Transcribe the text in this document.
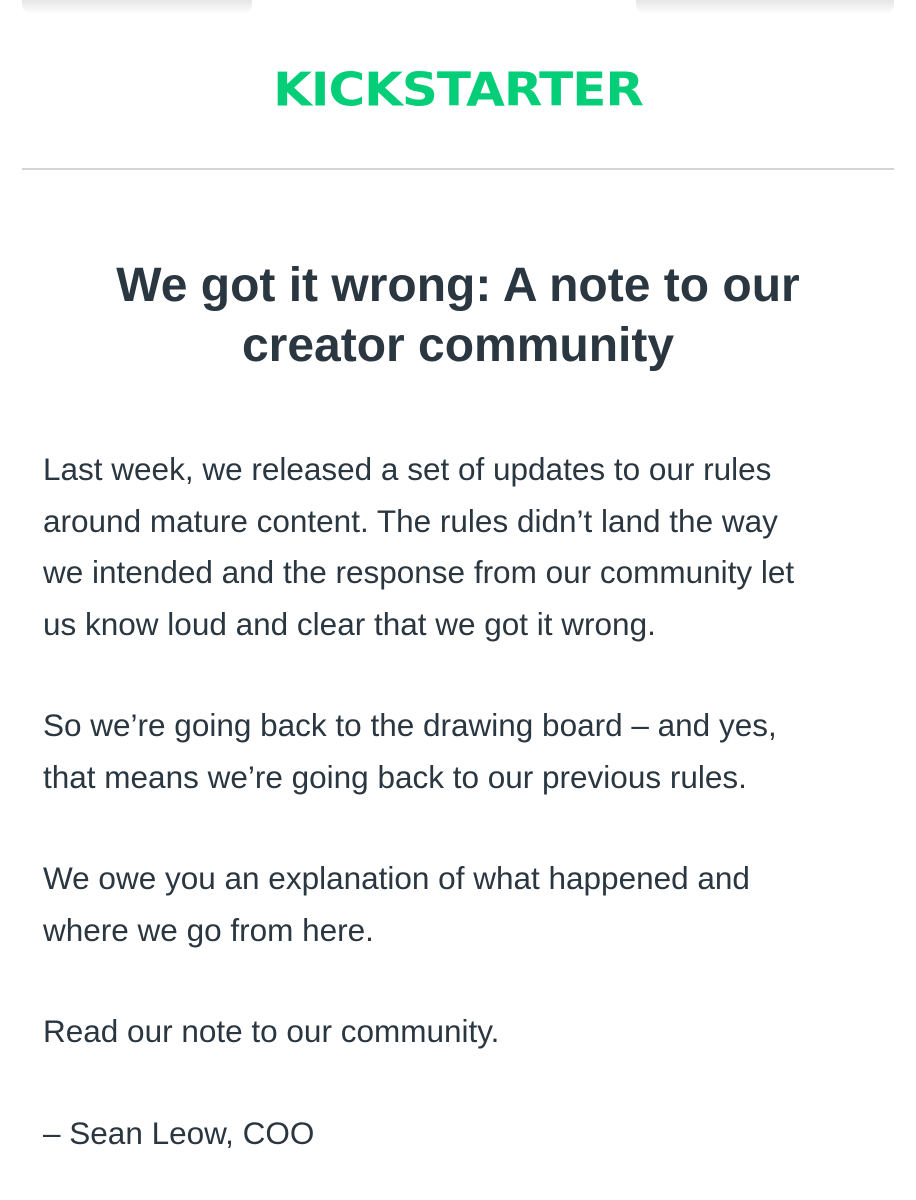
KICKSTARTER
We got it wrong: A note to our creator community

Last week, we released a set of updates to our rules
around mature content. The rules didn’t land the way
we intended and the response from our community let
us know loud and clear that we got it wrong.

So we’re going back to the drawing board – and yes,
that means we’re going back to our previous rules.

We owe you an explanation of what happened and
where we go from here.

Read our note to our community.

– Sean Leow, COO
